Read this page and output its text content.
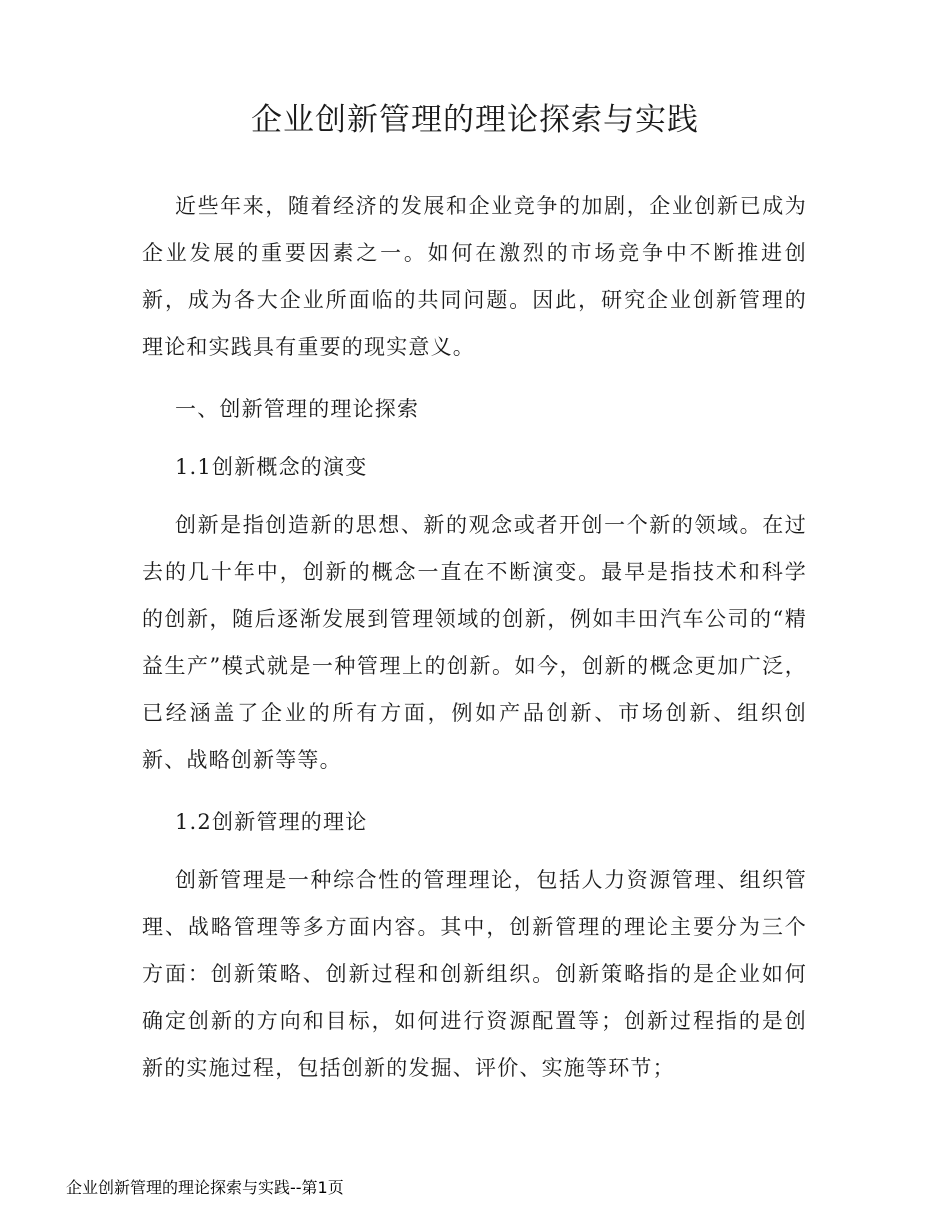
企业创新管理的理论探索与实践

近些年来，随着经济的发展和企业竞争的加剧，企业创新已成为企业发展的重要因素之一。如何在激烈的市场竞争中不断推进创新，成为各大企业所面临的共同问题。因此，研究企业创新管理的理论和实践具有重要的现实意义。

一、创新管理的理论探索

1.1创新概念的演变

创新是指创造新的思想、新的观念或者开创一个新的领域。在过去的几十年中，创新的概念一直在不断演变。最早是指技术和科学的创新，随后逐渐发展到管理领域的创新，例如丰田汽车公司的“精益生产”模式就是一种管理上的创新。如今，创新的概念更加广泛，已经涵盖了企业的所有方面，例如产品创新、市场创新、组织创新、战略创新等等。

1.2创新管理的理论

创新管理是一种综合性的管理理论，包括人力资源管理、组织管理、战略管理等多方面内容。其中，创新管理的理论主要分为三个方面：创新策略、创新过程和创新组织。创新策略指的是企业如何确定创新的方向和目标，如何进行资源配置等；创新过程指的是创新的实施过程，包括创新的发掘、评价、实施等环节；

企业创新管理的理论探索与实践--第1页
